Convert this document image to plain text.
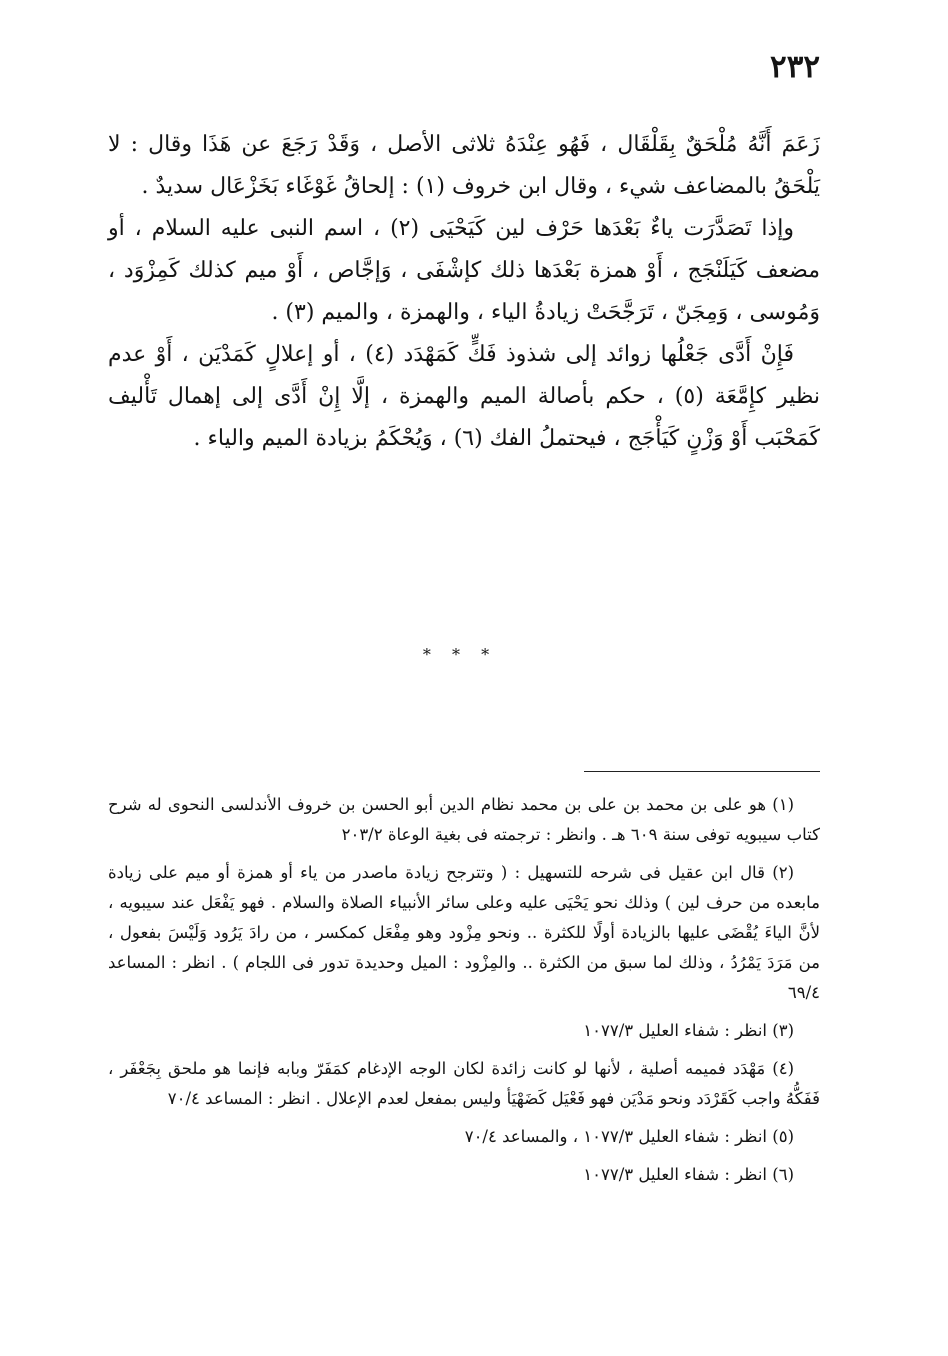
٢٣٢

زَعَمَ أَنَّهُ مُلْحَقٌ بِقَلْقَال ، فَهُو عِنْدَهُ ثلاثى الأصل ، وَقَدْ رَجَعَ عن هَذَا وقال : لا يَلْحَقُ بالمضاعف شيء ، وقال ابن خروف (١) : إلحاقُ غَوْغَاء بَخَزْعَال سديدٌ .

وإذا تَصَدَّرَت ياءٌ بَعْدَها حَرْف لين كَيَحْيَى (٢) ، اسم النبى عليه السلام ، أو مضعف كَيَلَنْجَج ، أَوْ همزة بَعْدَها ذلك كإشْفَى ، وَإجَّاص ، أَوْ ميم كذلك كَمِزْوَد ، وَمُوسى ، وَمِجَنّ ، تَرَجَّحَتْ زيادةُ الياء ، والهمزة ، والميم (٣) .

فَإِنْ أَدَّى جَعْلُها زوائد إلى شذوذ فَكٍّ كَمَهْدَد (٤) ، أو إعلالٍ كَمَدْيَن ، أَوْ عدم نظير كإِمَّعَة (٥) ، حكم بأصالة الميم والهمزة ، إلَّا إِنْ أَدَّى إلى إهمال تَأْليف كَمَحْبَب أَوْ وَزْنٍ كَيَأْجَج ، فيحتملُ الفك (٦) ، وَيُحْكَمُ بزيادة الميم والياء .

* * *

(١) هو على بن محمد بن على بن محمد نظام الدين أبو الحسن بن خروف الأندلسى النحوى له شرح كتاب سيبويه توفى سنة ٦٠٩ هـ . وانظر : ترجمته فى بغية الوعاة ٢٠٣/٢

(٢) قال ابن عقيل فى شرحه للتسهيل : ( وتترجح زيادة ماصدر من ياء أو همزة أو ميم على زيادة مابعده من حرف لين ) وذلك نحو يَحْيَى عليه وعلى سائر الأنبياء الصلاة والسلام . فهو يَفْعَل عند سيبويه ، لأنَّ الياءَ يُقْضَى عليها بالزيادة أولًا للكثرة .. ونحو مِزْود وهو مِفْعَل كمكسر ، من رادَ يَرُود وَلَيْسَ بفعول ، من مَرَدَ يَمْرُدُ ، وذلك لما سبق من الكثرة .. والمِزْود : الميل وحديدة تدور فى اللجام ) . انظر : المساعد ٦٩/٤

(٣) انظر : شفاء العليل ١٠٧٧/٣

(٤) مَهْدَد فميمه أصلية ، لأنها لو كانت زائدة لكان الوجه الإدغام كمَفَرّ وبابه فإنما هو ملحق بِجَعْفَر ، فَفَكُّهُ واجب كَقَرْدَد ونحو مَدْيَن فهو فَعْيَل كَضَهْيَأ وليس بمفعل لعدم الإعلال . انظر : المساعد ٧٠/٤

(٥) انظر : شفاء العليل ١٠٧٧/٣ ، والمساعد ٧٠/٤

(٦) انظر : شفاء العليل ١٠٧٧/٣
